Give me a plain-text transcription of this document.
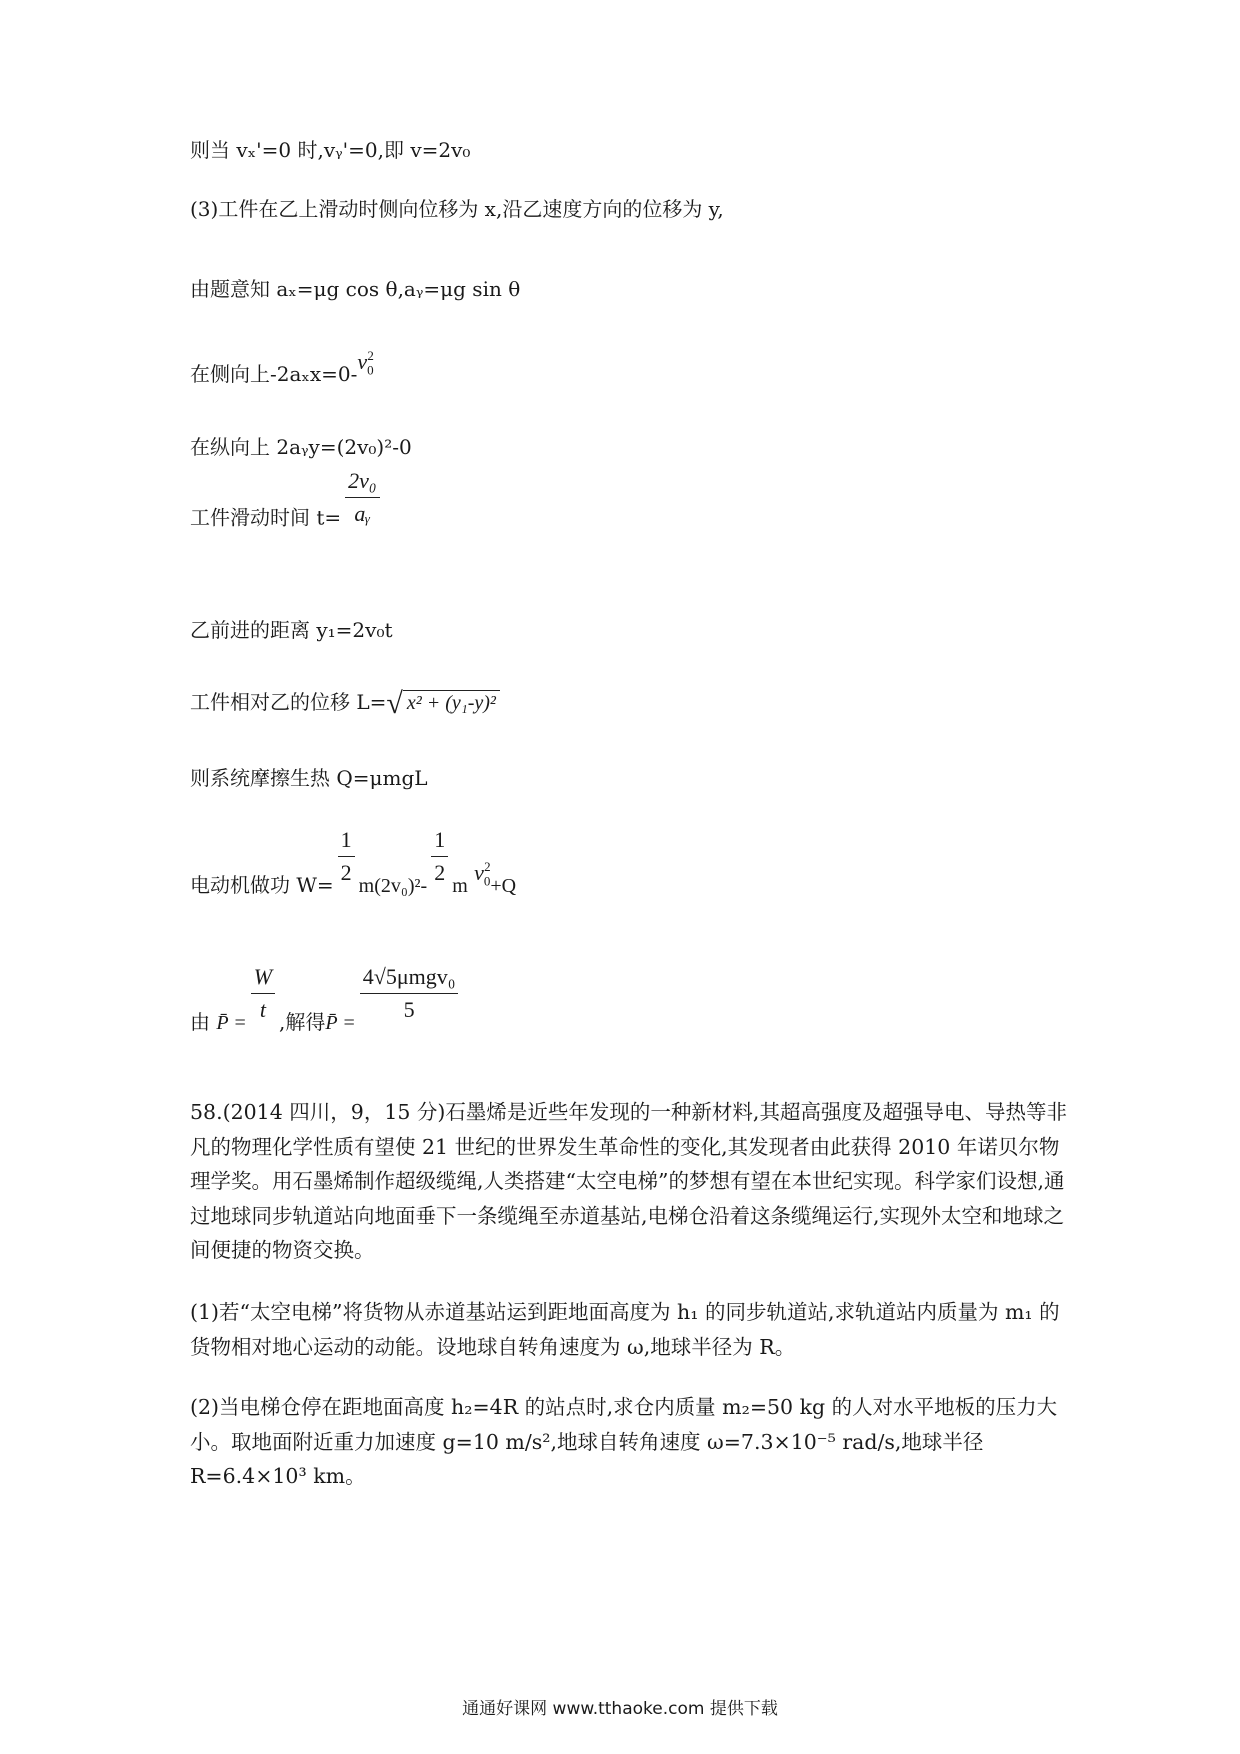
则当 vₓ'=0 时,vᵧ'=0,即 v=2v₀
(3)工件在乙上滑动时侧向位移为 x,沿乙速度方向的位移为 y,
由题意知 aₓ=μg cos θ,aᵧ=μg sin θ
在侧向上$-2a_xx=0-v_0$
2
在纵向上 2aᵧy=(2v₀)²-0
工件滑动时间 $t= \frac{\text{2v₀}}{\text{aᵧ}}$
乙前进的距离 y₁=2v₀t
工件相对乙的位移 L=√ x² + (y₁-y)²
则系统摩擦生热 Q=μmgL
电动机做功 $W= \frac{1}{2}$
m(2v₀)²-
$\frac{1}{2}$
m $v_0$
2
+Q
由 P̄ =
$\frac{W}{t}$ ,解得P̄ =
$\frac{\text{4√5μmgv₀}}{5}$
58.(2014 四川，9，15 分)石墨烯是近些年发现的一种新材料,其超高强度及超强导电、导热等非凡的物理化学性质有望使 21 世纪的世界发生革命性的变化,其发现者由此获得 2010 年诺贝尔物理学奖。用石墨烯制作超级缆绳,人类搭建“太空电梯”的梦想有望在本世纪实现。科学家们设想,通过地球同步轨道站向地面垂下一条缆绳至赤道基站,电梯仓沿着这条缆绳运行,实现外太空和地球之间便捷的物资交换。
(1)若“太空电梯”将货物从赤道基站运到距地面高度为 h₁ 的同步轨道站,求轨道站内质量为 m₁ 的货物相对地心运动的动能。设地球自转角速度为 ω,地球半径为 R。
(2)当电梯仓停在距地面高度 h₂=4R 的站点时,求仓内质量 m₂=50 kg 的人对水平地板的压力大小。取地面附近重力加速度 g=10 m/s²,地球自转角速度 ω=7.3×10⁻⁵ rad/s,地球半径 R=6.4×10³ km。
通通好课网 www.tthaoke.com 提供下载
